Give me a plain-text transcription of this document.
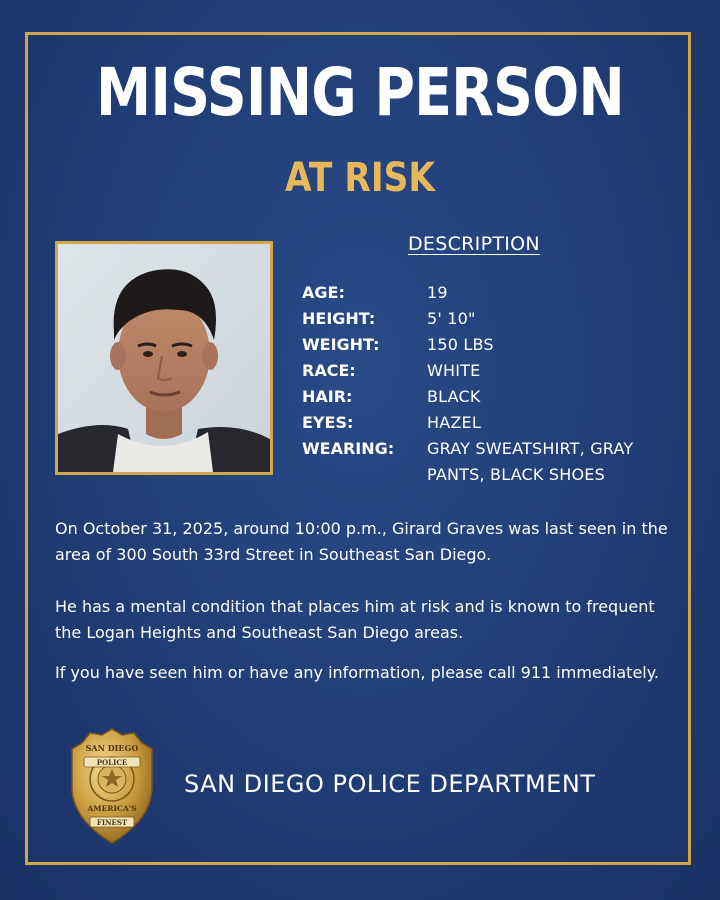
MISSING PERSON
AT RISK
DESCRIPTION
AGE:	19
HEIGHT:	5' 10"
WEIGHT:	150 LBS
RACE:	WHITE
HAIR:	BLACK
EYES:	HAZEL
WEARING:	GRAY SWEATSHIRT, GRAY PANTS, BLACK SHOES

On October 31, 2025, around 10:00 p.m., Girard Graves was last seen in the area of 300 South 33rd Street in Southeast San Diego.

He has a mental condition that places him at risk and is known to frequent the Logan Heights and Southeast San Diego areas.

If you have seen him or have any information, please call 911 immediately.

SAN DIEGO
POLICE
AMERICA'S
FINEST
SAN DIEGO POLICE DEPARTMENT
